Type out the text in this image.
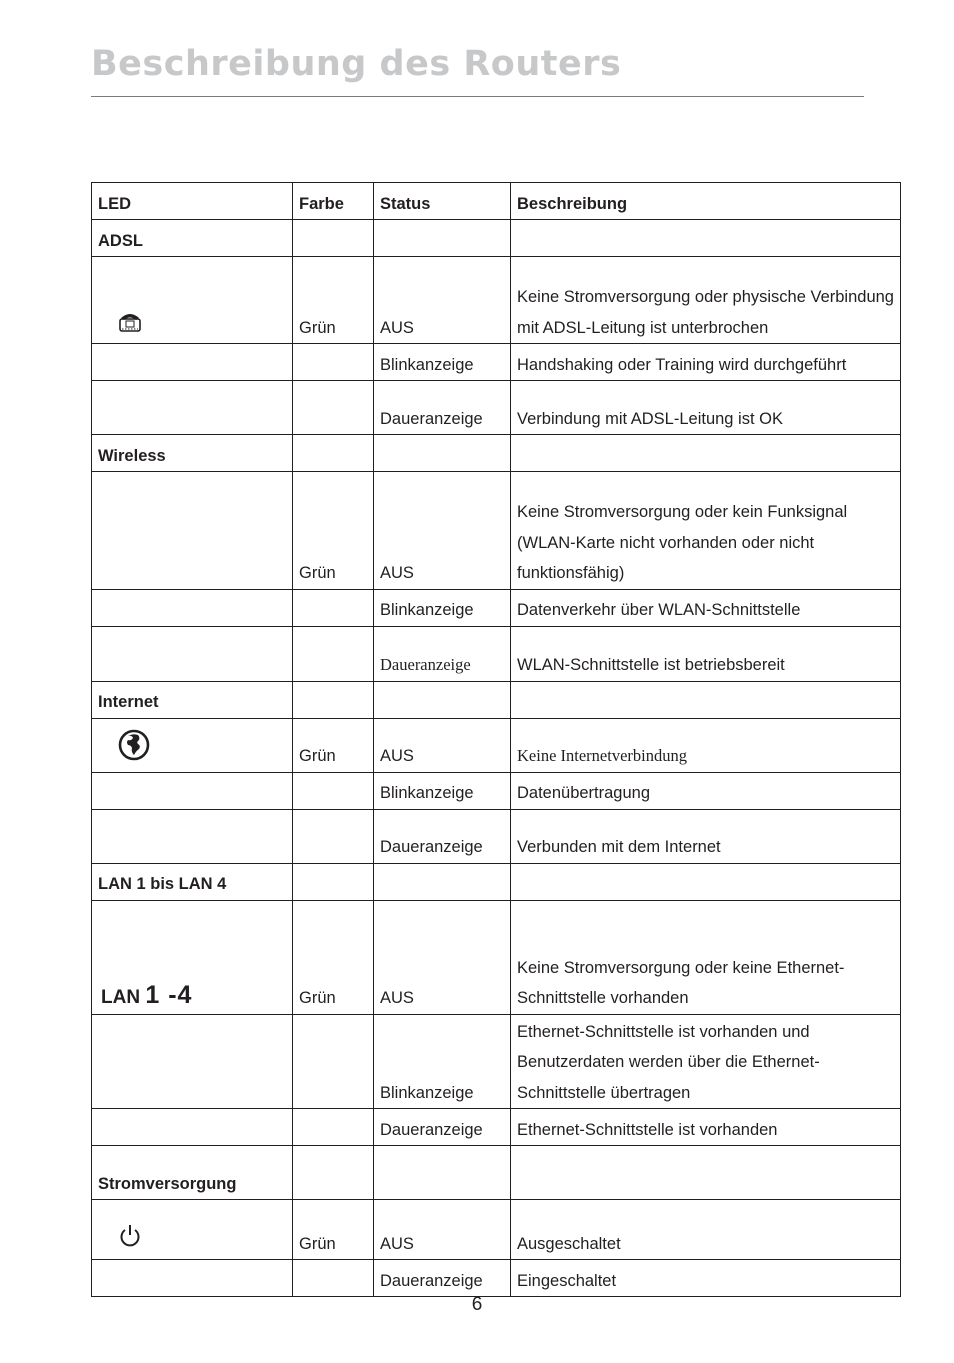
Beschreibung des Routers
LED	Farbe	Status	Beschreibung
ADSL			
	Grün	AUS	Keine Stromversorgung oder physische Verbindung mit ADSL-Leitung ist unterbrochen
		Blinkanzeige	Handshaking oder Training wird durchgeführt
		Daueranzeige	Verbindung mit ADSL-Leitung ist OK
Wireless			
	Grün	AUS	Keine Stromversorgung oder kein Funksignal (WLAN-Karte nicht vorhanden oder nicht funktionsfähig)
		Blinkanzeige	Datenverkehr über WLAN-Schnittstelle
		Daueranzeige	WLAN-Schnittstelle ist betriebsbereit
Internet			
	Grün	AUS	Keine Internetverbindung
		Blinkanzeige	Datenübertragung
		Daueranzeige	Verbunden mit dem Internet
LAN 1 bis LAN 4			
LAN 1 -4	Grün	AUS	Keine Stromversorgung oder keine Ethernet-Schnittstelle vorhanden
		Blinkanzeige	Ethernet-Schnittstelle ist vorhanden und Benutzerdaten werden über die Ethernet-Schnittstelle übertragen
		Daueranzeige	Ethernet-Schnittstelle ist vorhanden
Stromversorgung			
	Grün	AUS	Ausgeschaltet
		Daueranzeige	Eingeschaltet
6
